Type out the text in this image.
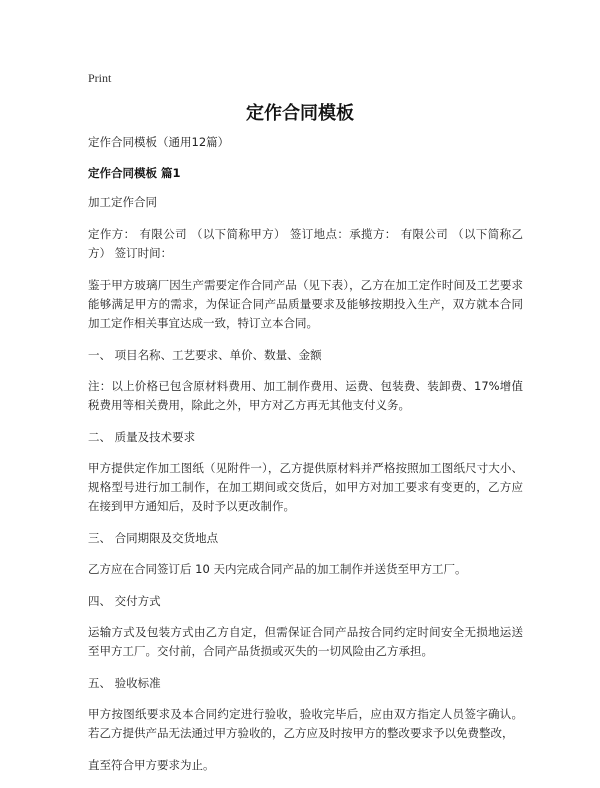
Print
定作合同模板

定作合同模板（通用12篇）

定作合同模板 篇1

加工定作合同

定作方： 有限公司 （以下简称甲方） 签订地点：承揽方： 有限公司 （以下简称乙方） 签订时间：

鉴于甲方玻璃厂因生产需要定作合同产品（见下表），乙方在加工定作时间及工艺要求能够满足甲方的需求，为保证合同产品质量要求及能够按期投入生产，双方就本合同加工定作相关事宜达成一致，特订立本合同。

一、 项目名称、工艺要求、单价、数量、金额

注：以上价格已包含原材料费用、加工制作费用、运费、包装费、装卸费、17%增值税费用等相关费用，除此之外，甲方对乙方再无其他支付义务。

二、 质量及技术要求

甲方提供定作加工图纸（见附件一），乙方提供原材料并严格按照加工图纸尺寸大小、规格型号进行加工制作，在加工期间或交货后，如甲方对加工要求有变更的，乙方应在接到甲方通知后，及时予以更改制作。

三、 合同期限及交货地点

乙方应在合同签订后 10 天内完成合同产品的加工制作并送货至甲方工厂。

四、 交付方式

运输方式及包装方式由乙方自定，但需保证合同产品按合同约定时间安全无损地运送至甲方工厂。交付前，合同产品货损或灭失的一切风险由乙方承担。

五、 验收标准

甲方按图纸要求及本合同约定进行验收，验收完毕后，应由双方指定人员签字确认。若乙方提供产品无法通过甲方验收的，乙方应及时按甲方的整改要求予以免费整改，

直至符合甲方要求为止。
